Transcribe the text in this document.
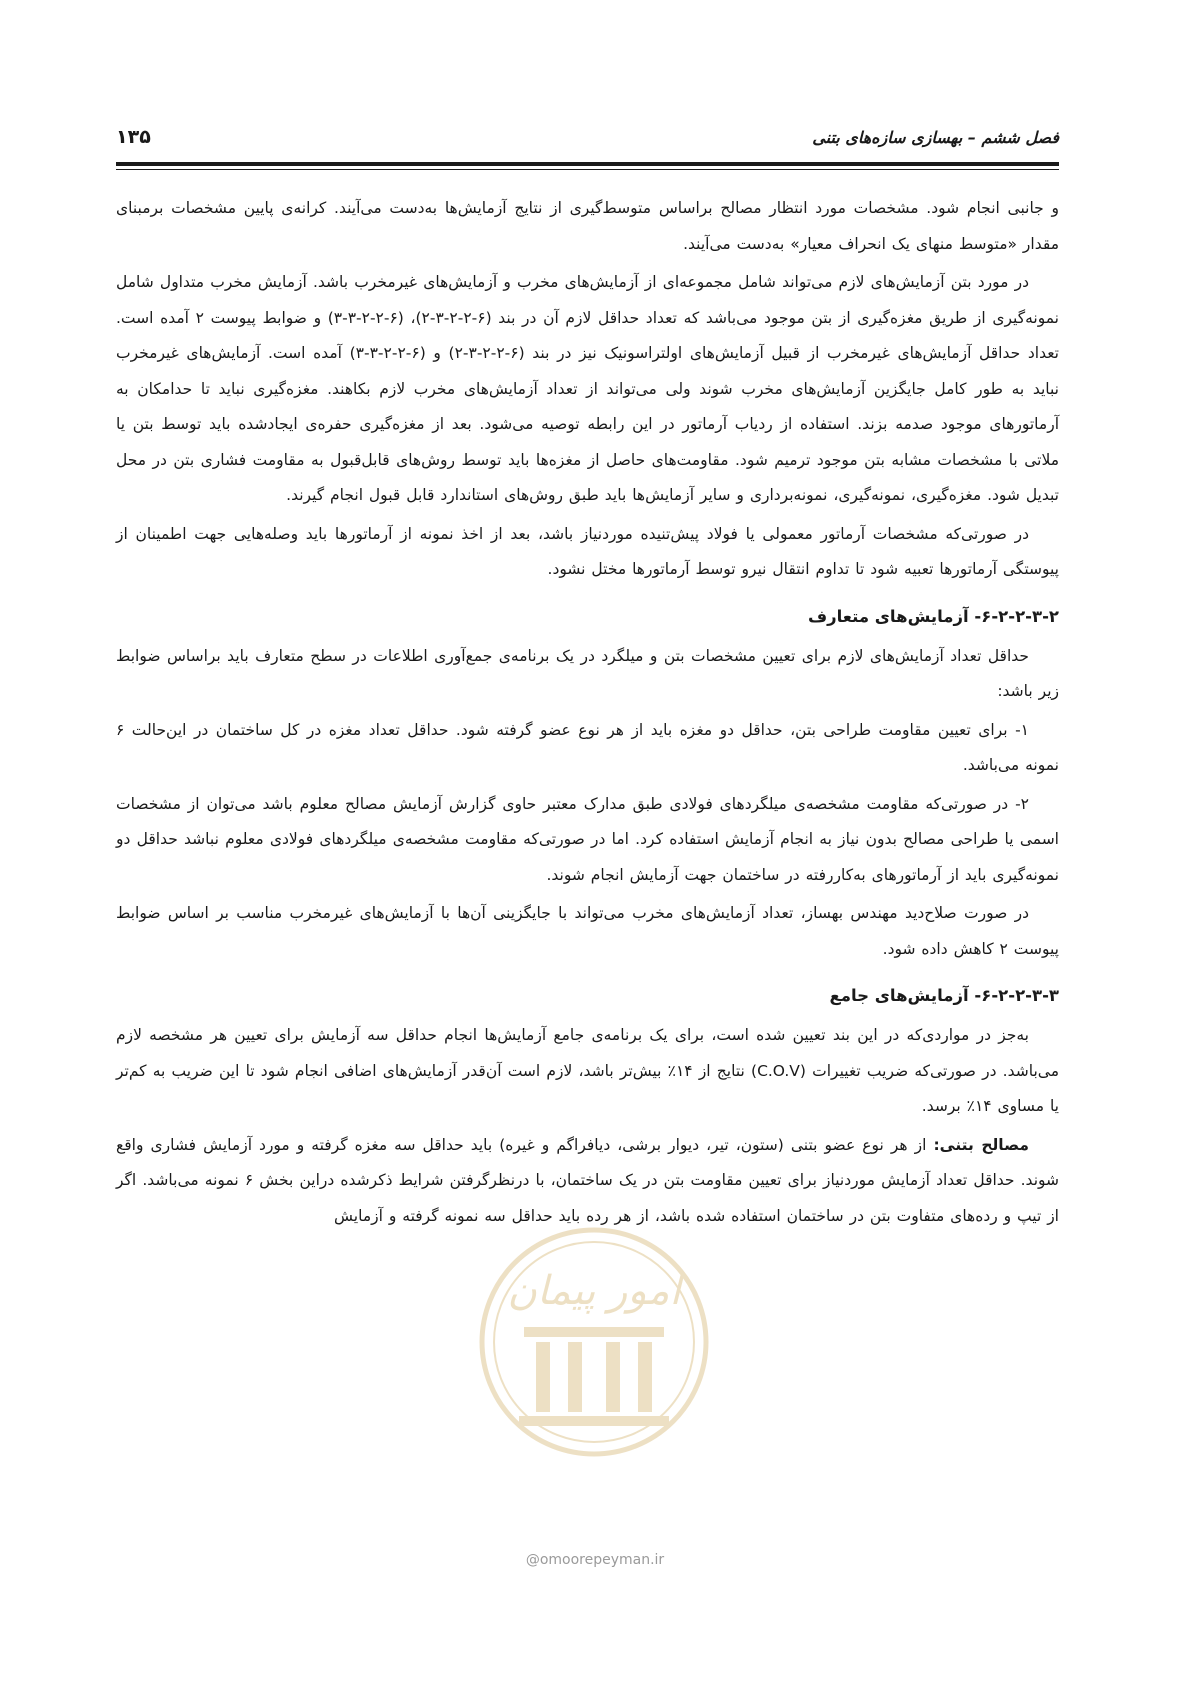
فصل ششم – بهسازی سازه‌های بتنی
۱۳۵

و جانبی انجام شود. مشخصات مورد انتظار مصالح براساس متوسط‌گیری از نتایج آزمایش‌ها به‌دست می‌آیند. کرانه‌ی پایین مشخصات برمبنای مقدار «متوسط منهای یک انحراف معیار» به‌دست می‌آیند.

در مورد بتن آزمایش‌های لازم می‌تواند شامل مجموعه‌ای از آزمایش‌های مخرب و آزمایش‌های غیرمخرب باشد. آزمایش مخرب متداول شامل نمونه‌گیری از طریق مغزه‌گیری از بتن موجود می‌باشد که تعداد حداقل لازم آن در بند (۶-۲-۲-۳-۲)، (۶-۲-۲-۳-۳) و ضوابط پیوست ۲ آمده است. تعداد حداقل آزمایش‌های غیرمخرب از قبیل آزمایش‌های اولتراسونیک نیز در بند (۶-۲-۲-۳-۲) و (۶-۲-۲-۳-۳) آمده است. آزمایش‌های غیرمخرب نباید به طور کامل جایگزین آزمایش‌های مخرب شوند ولی می‌تواند از تعداد آزمایش‌های مخرب لازم بکاهند. مغزه‌گیری نباید تا حدامکان به آرماتورهای موجود صدمه بزند. استفاده از ردیاب آرماتور در این رابطه توصیه می‌شود. بعد از مغزه‌گیری حفره‌ی ایجادشده باید توسط بتن یا ملاتی با مشخصات مشابه بتن موجود ترمیم شود. مقاومت‌های حاصل از مغزه‌ها باید توسط روش‌های قابل‌قبول به مقاومت فشاری بتن در محل تبدیل شود. مغزه‌گیری، نمونه‌گیری، نمونه‌برداری و سایر آزمایش‌ها باید طبق روش‌های استاندارد قابل قبول انجام گیرند.

در صورتی‌که مشخصات آرماتور معمولی یا فولاد پیش‌تنیده موردنیاز باشد، بعد از اخذ نمونه از آرماتورها باید وصله‌هایی جهت اطمینان از پیوستگی آرماتورها تعبیه شود تا تداوم انتقال نیرو توسط آرماتورها مختل نشود.

۶-۲-۲-۳-۲- آزمایش‌های متعارف

حداقل تعداد آزمایش‌های لازم برای تعیین مشخصات بتن و میلگرد در یک برنامه‌ی جمع‌آوری اطلاعات در سطح متعارف باید براساس ضوابط زیر باشد:

۱- برای تعیین مقاومت طراحی بتن، حداقل دو مغزه باید از هر نوع عضو گرفته شود. حداقل تعداد مغزه در کل ساختمان در این‌حالت ۶ نمونه می‌باشد.

۲- در صورتی‌که مقاومت مشخصه‌ی میلگردهای فولادی طبق مدارک معتبر حاوی گزارش آزمایش مصالح معلوم باشد می‌توان از مشخصات اسمی یا طراحی مصالح بدون نیاز به انجام آزمایش استفاده کرد. اما در صورتی‌که مقاومت مشخصه‌ی میلگردهای فولادی معلوم نباشد حداقل دو نمونه‌گیری باید از آرماتورهای به‌کاررفته در ساختمان جهت آزمایش انجام شوند.

در صورت صلاح‌دید مهندس بهساز، تعداد آزمایش‌های مخرب می‌تواند با جایگزینی آن‌ها با آزمایش‌های غیرمخرب مناسب بر اساس ضوابط پیوست ۲ کاهش داده شود.

۶-۲-۲-۳-۳- آزمایش‌های جامع

به‌جز در مواردی‌که در این بند تعیین شده است، برای یک برنامه‌ی جامع آزمایش‌ها انجام حداقل سه آزمایش برای تعیین هر مشخصه لازم می‌باشد. در صورتی‌که ضریب تغییرات (C.O.V) نتایج از ۱۴٪ بیش‌تر باشد، لازم است آن‌قدر آزمایش‌های اضافی انجام شود تا این ضریب به کم‌تر یا مساوی ۱۴٪ برسد.

مصالح بتنی: از هر نوع عضو بتنی (ستون، تیر، دیوار برشی، دیافراگم و غیره) باید حداقل سه مغزه گرفته و مورد آزمایش فشاری واقع شوند. حداقل تعداد آزمایش موردنیاز برای تعیین مقاومت بتن در یک ساختمان، با درنظرگرفتن شرایط ذکرشده دراین بخش ۶ نمونه می‌باشد. اگر از تیپ و رده‌های متفاوت بتن در ساختمان استفاده شده باشد، از هر رده باید حداقل سه نمونه گرفته و آزمایش

امور پیمان
@omoorepeyman.ir
